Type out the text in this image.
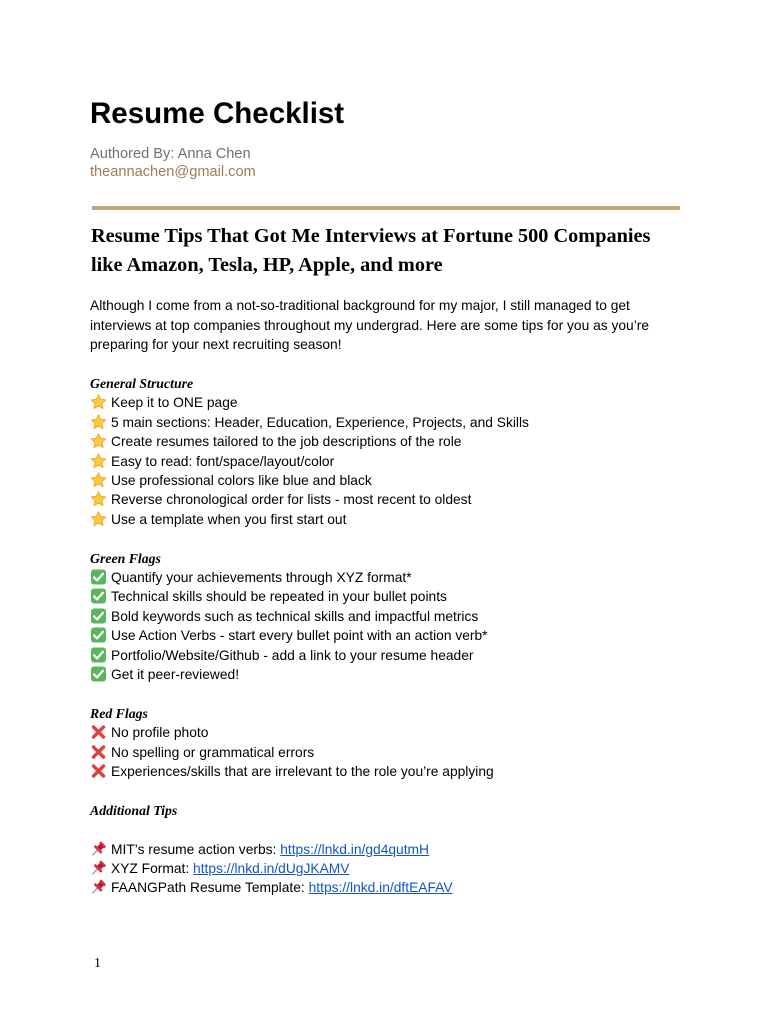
Resume Checklist
Authored By: Anna Chen
theannachen@gmail.com
Resume Tips That Got Me Interviews at Fortune 500 Companies
like Amazon, Tesla, HP, Apple, and more
Although I come from a not-so-traditional background for my major, I still managed to get
interviews at top companies throughout my undergrad. Here are some tips for you as you’re
preparing for your next recruiting season!
General Structure
Keep it to ONE page
5 main sections: Header, Education, Experience, Projects, and Skills
Create resumes tailored to the job descriptions of the role
Easy to read: font/space/layout/color
Use professional colors like blue and black
Reverse chronological order for lists - most recent to oldest
Use a template when you first start out
Green Flags
Quantify your achievements through XYZ format*
Technical skills should be repeated in your bullet points
Bold keywords such as technical skills and impactful metrics
Use Action Verbs - start every bullet point with an action verb*
Portfolio/Website/Github - add a link to your resume header
Get it peer-reviewed!
Red Flags
No profile photo
No spelling or grammatical errors
Experiences/skills that are irrelevant to the role you’re applying
Additional Tips
MIT’s resume action verbs: https://lnkd.in/gd4qutmH
XYZ Format: https://lnkd.in/dUgJKAMV
FAANGPath Resume Template: https://lnkd.in/dftEAFAV
1
